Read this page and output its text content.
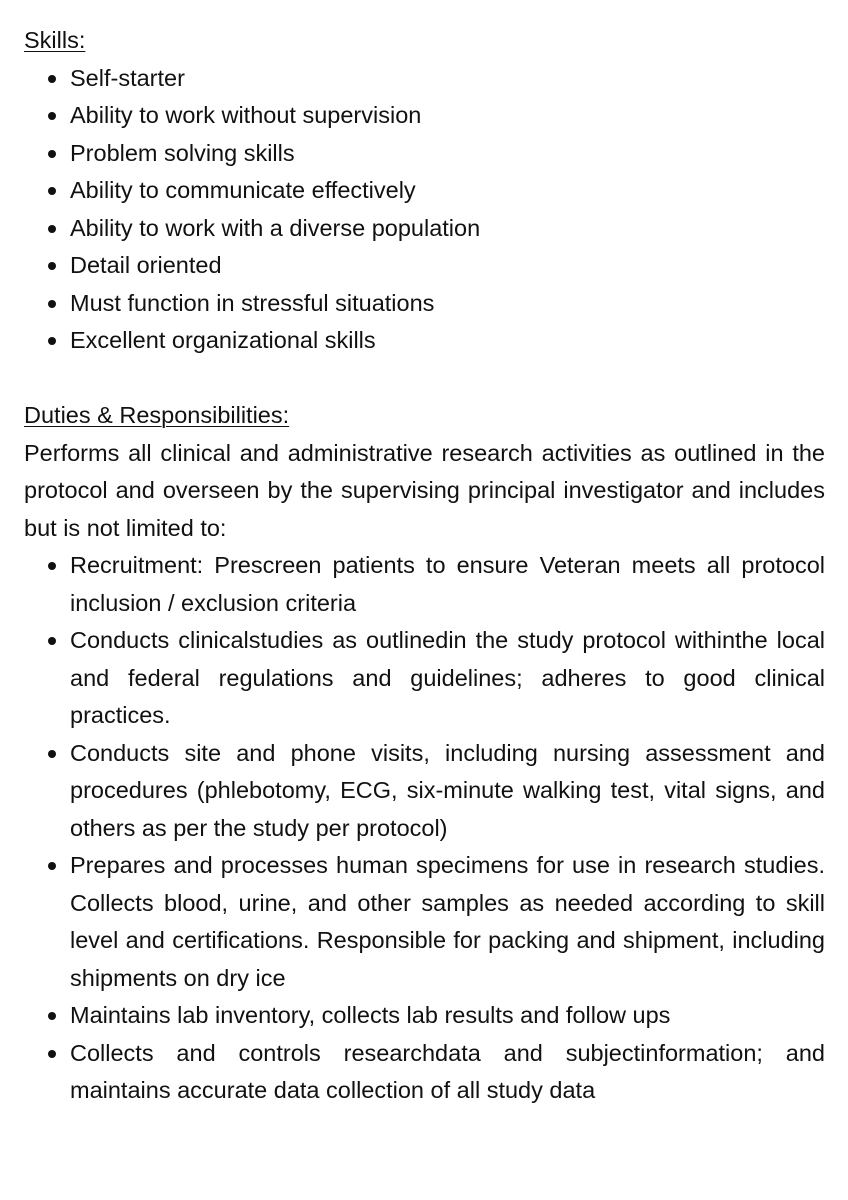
Skills:
Self-starter
Ability to work without supervision
Problem solving skills
Ability to communicate effectively
Ability to work with a diverse population
Detail oriented
Must function in stressful situations
Excellent organizational skills
Duties & Responsibilities:
Performs all clinical and administrative research activities as outlined in the protocol and overseen by the supervising principal investigator and includes but is not limited to:
Recruitment: Prescreen patients to ensure Veteran meets all protocol inclusion / exclusion criteria
Conducts clinicalstudies as outlinedin the study protocol withinthe local and federal regulations and guidelines; adheres to good clinical practices.
Conducts site and phone visits, including nursing assessment and procedures (phlebotomy, ECG, six-minute walking test, vital signs, and others as per the study per protocol)
Prepares and processes human specimens for use in research studies. Collects blood, urine, and other samples as needed according to skill level and certifications. Responsible for packing and shipment, including shipments on dry ice
Maintains lab inventory, collects lab results and follow ups
Collects and controls researchdata and subjectinformation; and maintains accurate data collection of all study data
